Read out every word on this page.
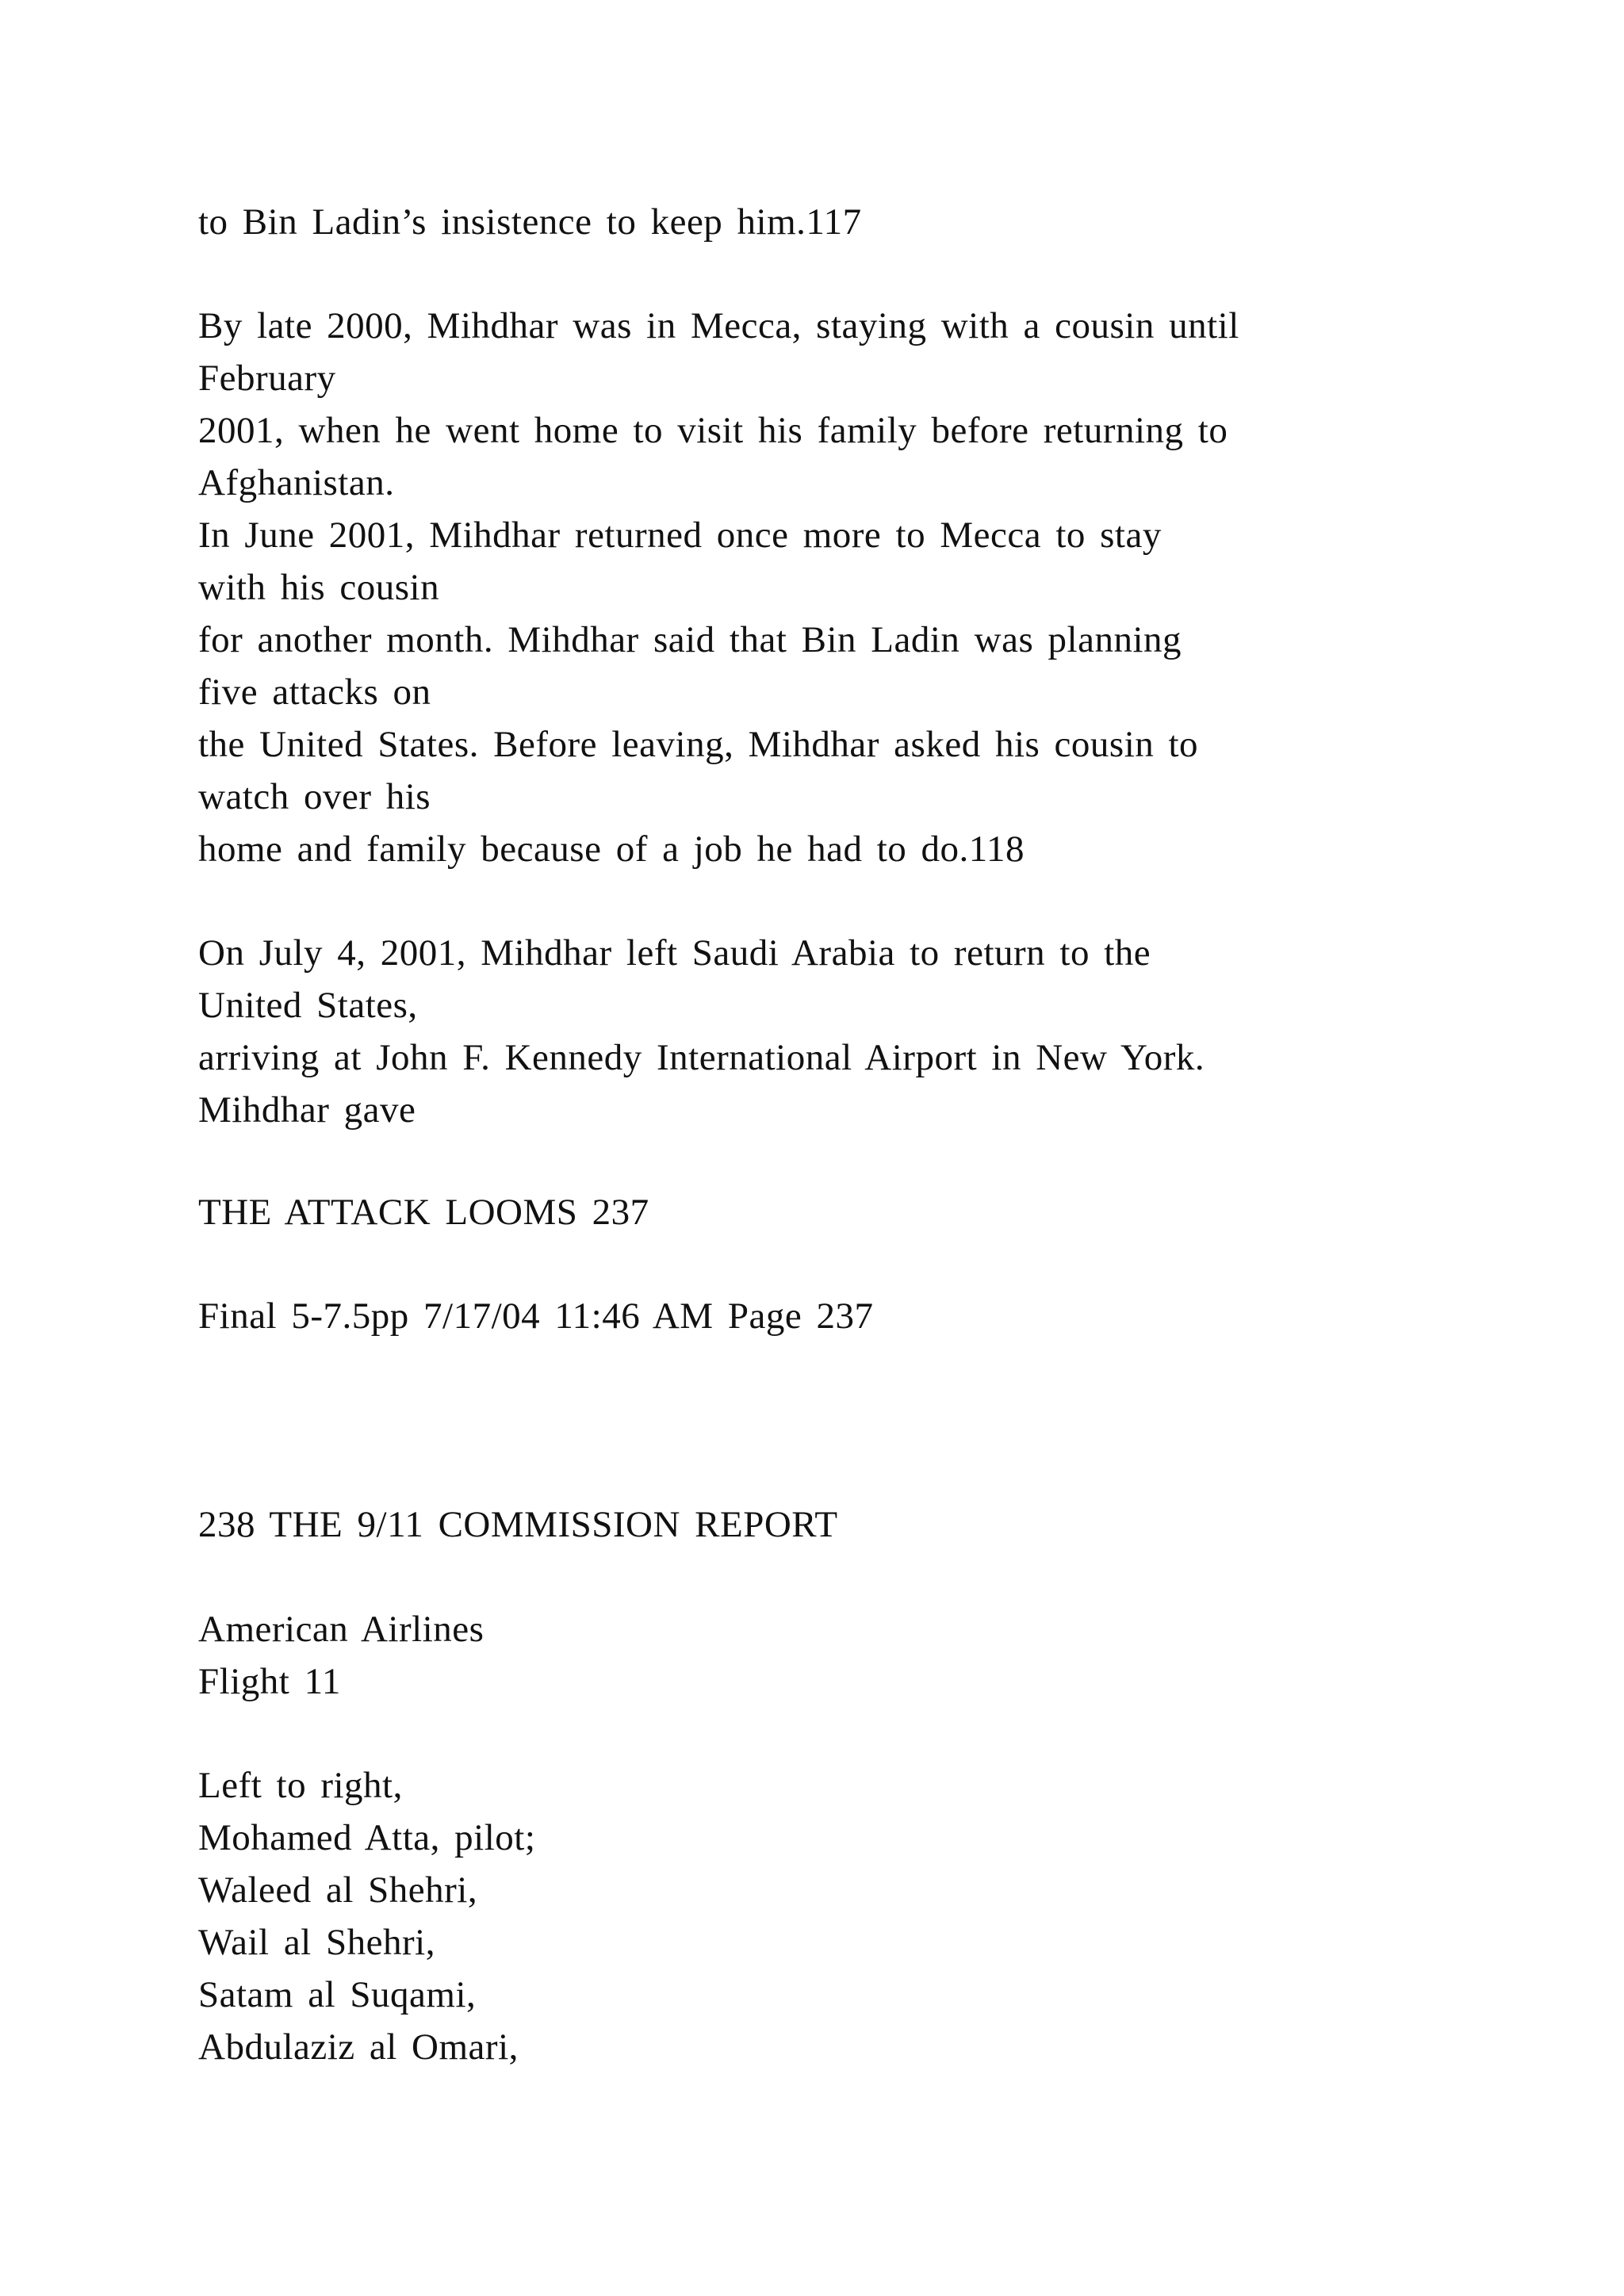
to Bin Ladin’s insistence to keep him.117
By late 2000, Mihdhar was in Mecca, staying with a cousin until
February
2001, when he went home to visit his family before returning to
Afghanistan.
In June 2001, Mihdhar returned once more to Mecca to stay
with his cousin
for another month. Mihdhar said that Bin Ladin was planning
five attacks on
the United States. Before leaving, Mihdhar asked his cousin to
watch over his
home and family because of a job he had to do.118
On July 4, 2001, Mihdhar left Saudi Arabia to return to the
United States,
arriving at John F. Kennedy International Airport in New York.
Mihdhar gave
THE ATTACK LOOMS 237
Final 5-7.5pp 7/17/04 11:46 AM Page 237
238 THE 9/11 COMMISSION REPORT
American Airlines
Flight 11
Left to right,
Mohamed Atta, pilot;
Waleed al Shehri,
Wail al Shehri,
Satam al Suqami,
Abdulaziz al Omari,
